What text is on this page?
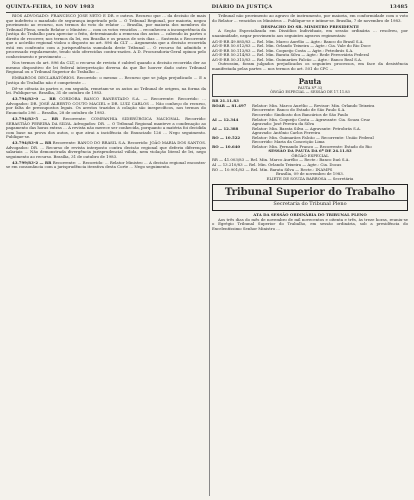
QUINTA-FEIRA, 10 NOV 1983	DIÁRIO DA JUSTIÇA	13485

RIOS ADVOGADO: FRANCISCO JOSÉ NETO E DR. e outros. Recurso que ... da decisão de mais que indeferiu o mandado de segurança impetrado pelo ... O Tribunal Regional, por maioria, negou provimento ao recurso, nos termos do voto do relator ... Brasília, por maioria dos membros do Tribunal Pleno, sendo Relator o Ministro ... com os votos vencidos ... reconheceu a incompetência da Justiça do Trabalho para apreciar o feito, determinando a remessa dos autos ... cabendo às partes o direito de recorrer, nos termos da lei, em Brasília e os prazos de seis dias ... Sustenta o Recorrente que o acórdão regional violou o disposto no art. 896 da CLT ... Argumenta que a decisão recorrida está em confronto com a jurisprudência sumulada deste Tribunal ... O recurso foi admitido e processado regularmente, tendo sido oferecidas contra-razões. A D. Procuradoria-Geral opinou pelo conhecimento e provimento ...

Nos termos do art. 896 da CLT, o recurso de revista é cabível quando a decisão recorrida der ao mesmo dispositivo de lei federal interpretação diversa da que lhe houver dado outro Tribunal Regional ou o Tribunal Superior do Trabalho ...

EMBARGOS DECLARATÓRIOS. Recorrido: o mesmo ... Recurso que se julga prejudicado ... E a Justiça do Trabalho não é competente ...

Dê-se ciência às partes e, em seguida, remetam-se os autos ao Tribunal de origem, na forma da lei. Publique-se. Brasília, 31 de outubro de 1983.

43.794/83-0 — RR CORDOBA BANCO BANESTADO S.A. — Recorrente: Recorrido: ... Advogados: DR. JOSÉ ALBERTO COUTO MACIEL e DR. LUIZ CARLOS ... Não conheço do recurso, por falta de pressupostos legais. Os arestos trazidos à colação são inespecíficos, nos termos do Enunciado 296 ... Brasília, 28 de outubro de 1983.

43.794/83-5 — RR Recorrente: COMPANHIA SIDERÚRGICA NACIONAL. Recorrido: SEBASTIÃO PEREIRA DA SILVA. Advogados: DR. ... O Tribunal Regional manteve a condenação ao pagamento das horas extras ... A revista não merece ser conhecida, porquanto a matéria foi decidida com base na prova dos autos, o que atrai a incidência do Enunciado 126 ... Nego seguimento. Publique-se.

43.794/83-8 — RR Recorrente: BANCO DO BRASIL S.A. Recorrido: JOÃO MARIA DOS SANTOS. Advogados: DR. ... Recurso de revista interposto contra decisão regional que deferiu diferenças salariais ... Não demonstrada divergência jurisprudencial válida, nem violação literal de lei, nego seguimento ao recurso. Brasília, 31 de outubro de 1983.

43.799/83-2 — RR Recorrente: ... Recorrido: ... Relator Ministro ... A decisão regional encontra-se em consonância com a jurisprudência iterativa desta Corte ... Nego seguimento.

Tribunal não provimento ao agravo de instrumento, por maioria, em conformidade com o voto do Relator ... vencidos os Ministros ... Publique-se e intime-se. Brasília, 7 de novembro de 1983.

DESPACHO DO SR. MINISTRO PRESIDENTE

A Seção Especializada em Dissídios Individuais, em sessão ordinária ... resolveu, por unanimidade, negar provimento aos seguintes agravos regimentais:

AG-E-RR 49.885/83 — Rel. Min. Marco Aurélio — Agte.: Banco do Brasil S.A.
AG-E-RR 50.012/83 — Rel. Min. Orlando Teixeira — Agte.: Cia. Vale do Rio Doce
AG-E-RR 50.113/83 — Rel. Min. Coqueijo Costa — Agte.: Petrobrás S.A.
AG-E-RR 50.214/83 — Rel. Min. Barata Silva — Agte.: Rede Ferroviária Federal
AG-E-RR 50.315/83 — Rel. Min. Guimarães Falcão — Agte.: Banco Real S.A.

Outrossim, foram julgados prejudicados os seguintes processos, em face da desistência manifestada pelas partes ... nos termos do art. 501 do CPC ...

Pauta
PAUTA Nº 33
ÓRGÃO ESPECIAL — SESSÃO DE 17.11.83
RR 21.11.83
ROAR — 81.497	Relator: Min. Marco Aurélio — Revisor: Min. Orlando Teixeira
Recorrente: Banco do Estado de São Paulo S.A.
Recorrido: Sindicato dos Bancários de São Paulo
AI — 12.344	Relator: Min. Coqueijo Costa — Agravante: Cia. Souza Cruz
Agravado: José Pereira da Silva
AI — 12.388	Relator: Min. Barata Silva — Agravante: Petrobrás S.A.
Agravado: Antônio Carlos Ferreira
RO — 10.522	Relator: Min. Guimarães Falcão — Recorrente: União Federal
Recorrido: Maria da Conceição Lima
RO — 10.640	Relator: Min. Fernando Franco — Recorrente: Estado do Rio
SESSÃO DA PAUTA DA 6ª DE 24.11.83
ÓRGÃO ESPECIAL
RR — 41.003/83 — Rel. Min. Marco Aurélio — Recte.: Banco Itaú S.A.
AI — 13.210/83 — Rel. Min. Orlando Teixeira — Agte.: Cia. Docas
RO — 10.901/83 — Rel. Min. Barata Silva — Recte.: INAMPS
Brasília, 09 de novembro de 1983.
ELIETE DE SOUZA BARBOSA — Secretária
Tribunal Superior do Trabalho
Secretaria do Tribunal Pleno
ATA DA SESSÃO ORDINÁRIA DO TRIBUNAL PLENO

Aos três dias do mês de novembro de mil novecentos e oitenta e três, às treze horas, reuniu-se o Egrégio Tribunal Superior do Trabalho, em sessão ordinária, sob a presidência do Excelentíssimo Senhor Ministro ...
